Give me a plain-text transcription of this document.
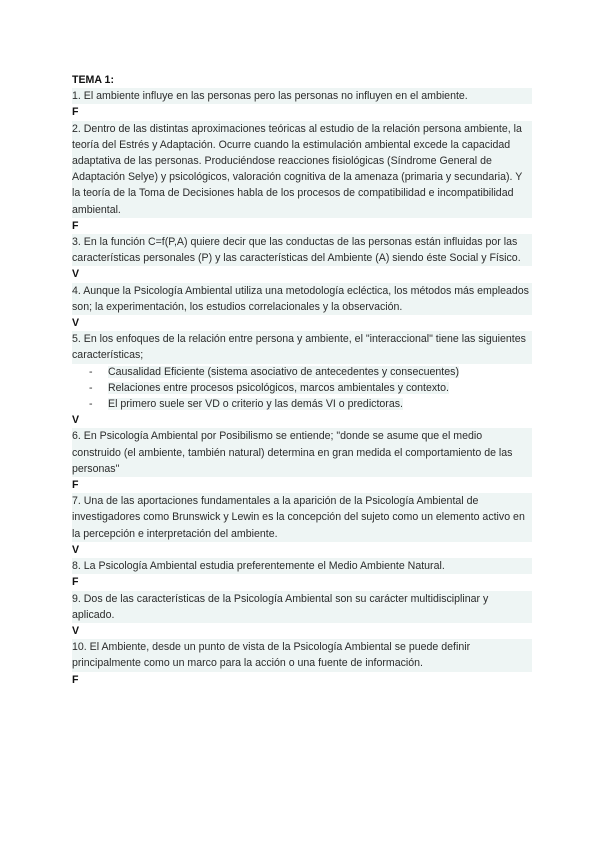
TEMA 1:
1. El ambiente influye en las personas pero las personas no influyen en el ambiente.
F
2. Dentro de las distintas aproximaciones teóricas al estudio de la relación persona ambiente, la teoría del Estrés y Adaptación. Ocurre cuando la estimulación ambiental excede la capacidad adaptativa de las personas. Produciéndose reacciones fisiológicas (Síndrome General de Adaptación Selye) y psicológicos, valoración cognitiva de la amenaza (primaria y secundaria). Y la teoría de la Toma de Decisiones habla de los procesos de compatibilidad e incompatibilidad ambiental.
F
3. En la función C=f(P,A) quiere decir que las conductas de las personas están influidas por las características personales (P) y las características del Ambiente (A) siendo éste Social y Físico.
V
4. Aunque la Psicología Ambiental utiliza una metodología ecléctica, los métodos más empleados son; la experimentación, los estudios correlacionales y la observación.
V
5. En los enfoques de la relación entre persona y ambiente, el "interaccional" tiene las siguientes características;
- Causalidad Eficiente (sistema asociativo de antecedentes y consecuentes)
- Relaciones entre procesos psicológicos, marcos ambientales y contexto.
- El primero suele ser VD o criterio y las demás VI o predictoras.
V
6. En Psicología Ambiental por Posibilismo se entiende; "donde se asume que el medio construido (el ambiente, también natural) determina en gran medida el comportamiento de las personas"
F
7. Una de las aportaciones fundamentales a la aparición de la Psicología Ambiental de investigadores como Brunswick y Lewin es la concepción del sujeto como un elemento activo en la percepción e interpretación del ambiente.
V
8. La Psicología Ambiental estudia preferentemente el Medio Ambiente Natural.
F
9. Dos de las características de la Psicología Ambiental son su carácter multidisciplinar y aplicado.
V
10. El Ambiente, desde un punto de vista de la Psicología Ambiental se puede definir principalmente como un marco para la acción o una fuente de información.
F
